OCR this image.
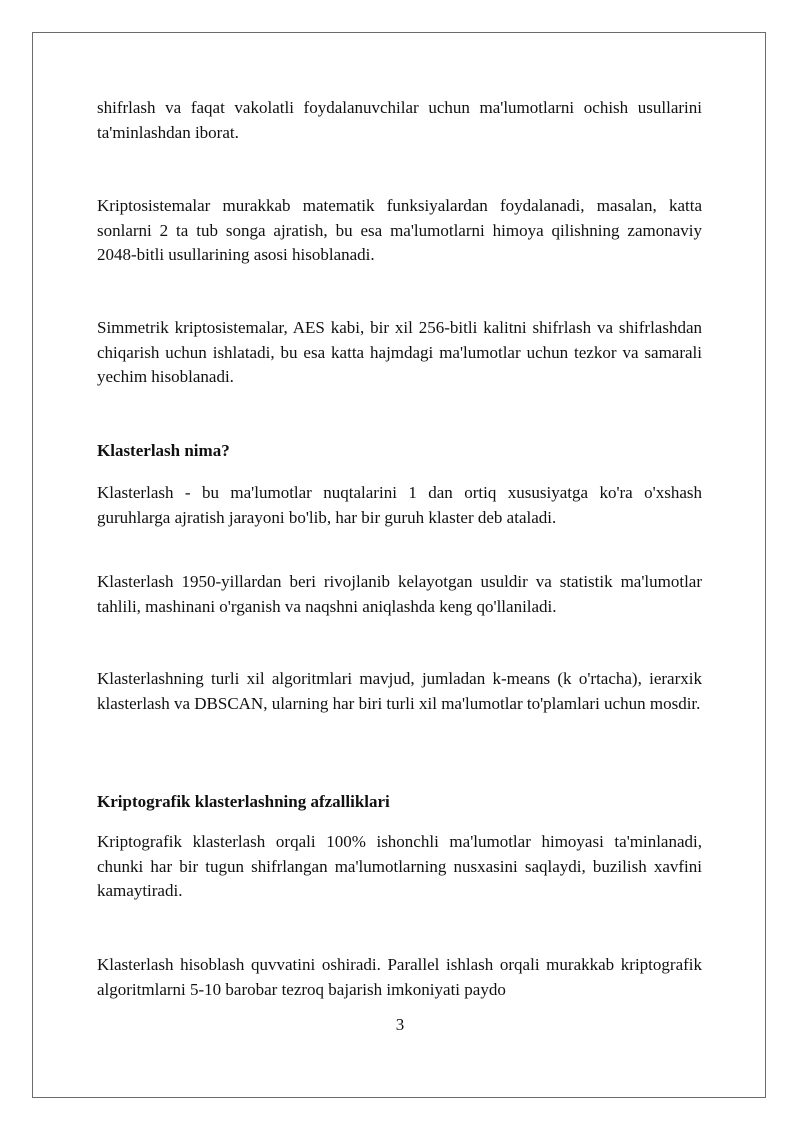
shifrlash va faqat vakolatli foydalanuvchilar uchun ma'lumotlarni ochish usullarini ta'minlashdan iborat.

Kriptosistemalar murakkab matematik funksiyalardan foydalanadi, masalan, katta sonlarni 2 ta tub songa ajratish, bu esa ma'lumotlarni himoya qilishning zamonaviy 2048-bitli usullarining asosi hisoblanadi.

Simmetrik kriptosistemalar, AES kabi, bir xil 256-bitli kalitni shifrlash va shifrlashdan chiqarish uchun ishlatadi, bu esa katta hajmdagi ma'lumotlar uchun tezkor va samarali yechim hisoblanadi.

Klasterlash nima?

Klasterlash - bu ma'lumotlar nuqtalarini 1 dan ortiq xususiyatga ko'ra o'xshash guruhlarga ajratish jarayoni bo'lib, har bir guruh klaster deb ataladi.

Klasterlash 1950-yillardan beri rivojlanib kelayotgan usuldir va statistik ma'lumotlar tahlili, mashinani o'rganish va naqshni aniqlashda keng qo'llaniladi.

Klasterlashning turli xil algoritmlari mavjud, jumladan k-means (k o'rtacha), ierarxik klasterlash va DBSCAN, ularning har biri turli xil ma'lumotlar to'plamlari uchun mosdir.

Kriptografik klasterlashning afzalliklari

Kriptografik klasterlash orqali 100% ishonchli ma'lumotlar himoyasi ta'minlanadi, chunki har bir tugun shifrlangan ma'lumotlarning nusxasini saqlaydi, buzilish xavfini kamaytiradi.

Klasterlash hisoblash quvvatini oshiradi. Parallel ishlash orqali murakkab kriptografik algoritmlarni 5-10 barobar tezroq bajarish imkoniyati paydo

3
